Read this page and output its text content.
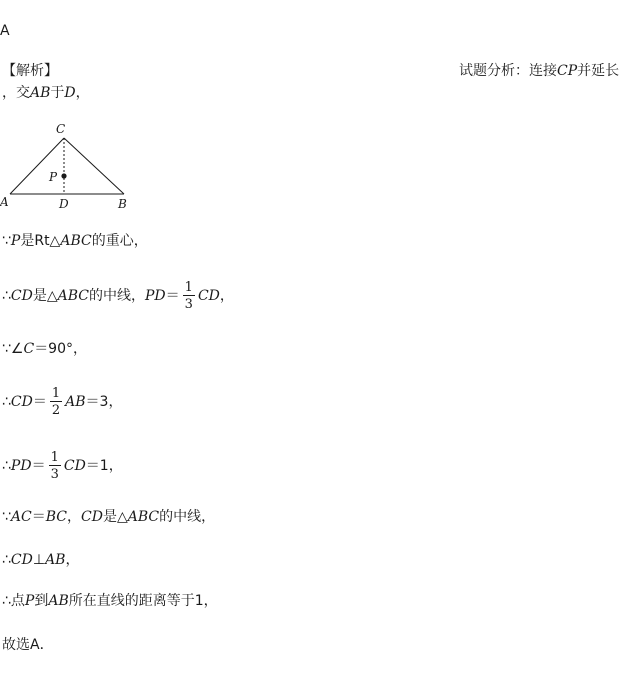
A
【解析】	试题分析：连接CP并延长
，交AB于D，
C
P
A	D	B
∵P是Rt△ABC的重心，
∴CD是△ABC的中线，$PD= \frac{1}{3}$ CD，
∵∠C＝90°，
∴CD＝ $\frac{1}{2} AB=3$，
∴PD＝ $\frac{1}{3} CD=1$，
∵AC＝BC，CD是△ABC的中线，
∴CD⊥AB，
∴点P到AB所在直线的距离等于1，
故选A．
